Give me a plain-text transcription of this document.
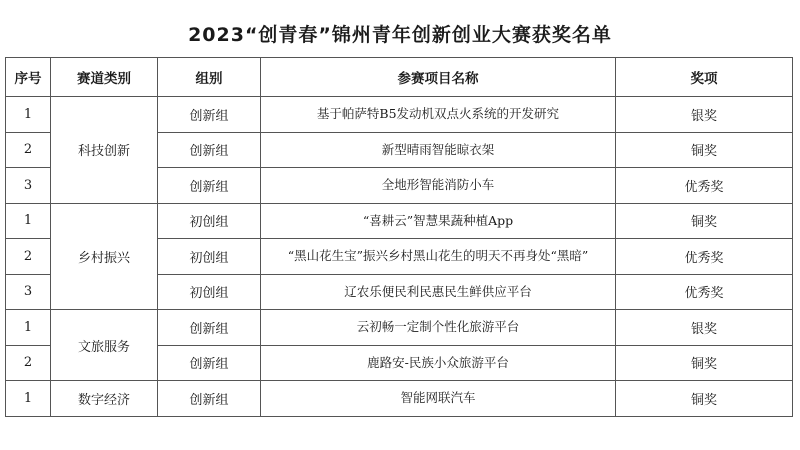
2023“创青春”锦州青年创新创业大赛获奖名单
序号	赛道类别	组别	参赛项目名称	奖项
1	科技创新	创新组	基于帕萨特B5发动机双点火系统的开发研究	银奖
2		创新组	新型晴雨智能晾衣架	铜奖
3		创新组	全地形智能消防小车	优秀奖
1	乡村振兴	初创组	“喜耕云”智慧果蔬种植App	铜奖
2		初创组	“黑山花生宝”振兴乡村黑山花生的明天不再身处“黑暗”	优秀奖
3		初创组	辽农乐便民利民惠民生鲜供应平台	优秀奖
1	文旅服务	创新组	云初畅一定制个性化旅游平台	银奖
2		创新组	鹿路安-民族小众旅游平台	铜奖
1	数字经济	创新组	智能网联汽车	铜奖
